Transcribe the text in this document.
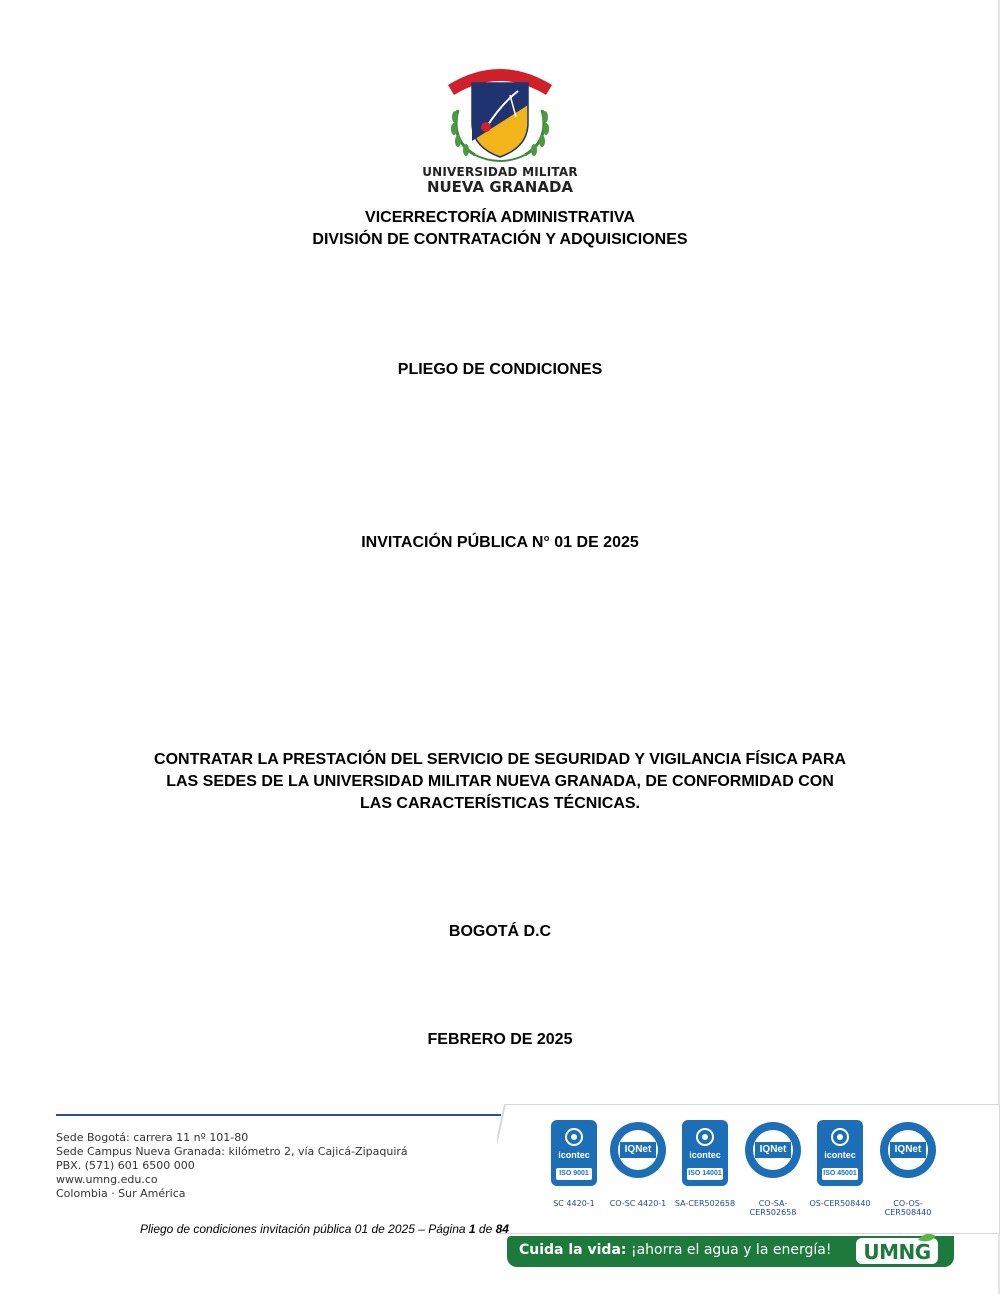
SCIENTIÆ · PATRIÆ · FAMILIÆ
UNIVERSIDAD MILITAR
NUEVA GRANADA
VICERRECTORÍA ADMINISTRATIVA
DIVISIÓN DE CONTRATACIÓN Y ADQUISICIONES
PLIEGO DE CONDICIONES
INVITACIÓN PÚBLICA N° 01 DE 2025
CONTRATAR LA PRESTACIÓN DEL SERVICIO DE SEGURIDAD Y VIGILANCIA FÍSICA PARA
LAS SEDES DE LA UNIVERSIDAD MILITAR NUEVA GRANADA, DE CONFORMIDAD CON
LAS CARACTERÍSTICAS TÉCNICAS.
BOGOTÁ D.C
FEBRERO DE 2025
Sede Bogotá: carrera 11 nº 101-80
Sede Campus Nueva Granada: kilómetro 2, vía Cajicá-Zipaquirá
PBX. (571) 601 6500 000
www.umng.edu.co
Colombia · Sur América
icontec
ISO 9001
IQNet	icontec
ISO 14001
IQNet	icontec
ISO 45001
IQNet
SC 4420-1	CO-SC 4420-1	SA-CER502658	CO-SA-CER502658
OS-CER508440	CO-OS-CER508440
Pliego de condiciones invitación pública 01 de 2025 – Página 1 de 84
Cuida la vida: ¡ahorra el agua y la energía! UMNG
